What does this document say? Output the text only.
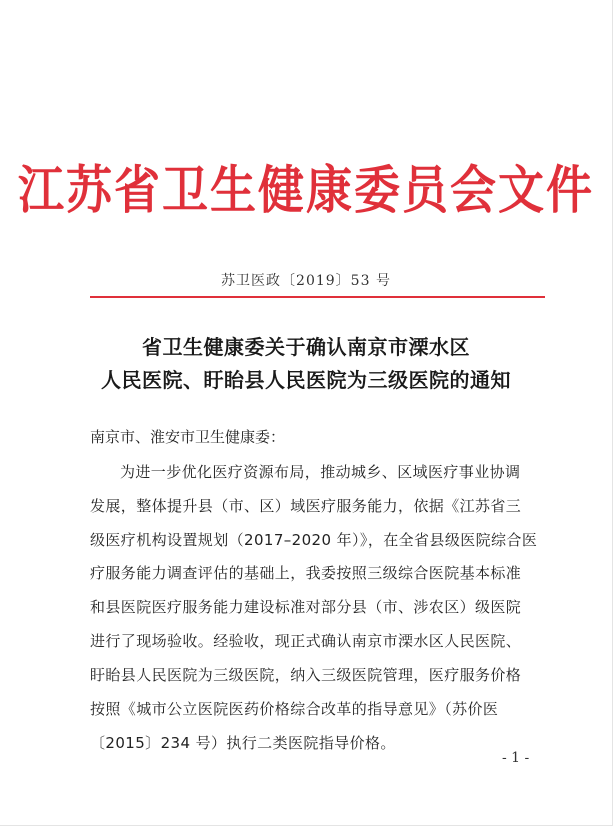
江苏省卫生健康委员会文件
苏卫医政〔2019〕53 号
省卫生健康委关于确认南京市溧水区
人民医院、盱眙县人民医院为三级医院的通知
南京市、淮安市卫生健康委：
为进一步优化医疗资源布局，推动城乡、区域医疗事业协调
发展，整体提升县（市、区）域医疗服务能力，依据《江苏省三
级医疗机构设置规划（2017–2020 年）》，在全省县级医院综合医
疗服务能力调查评估的基础上，我委按照三级综合医院基本标准
和县医院医疗服务能力建设标准对部分县（市、涉农区）级医院
进行了现场验收。经验收，现正式确认南京市溧水区人民医院、
盱眙县人民医院为三级医院，纳入三级医院管理，医疗服务价格
按照《城市公立医院医药价格综合改革的指导意见》（苏价医
〔2015〕234 号）执行二类医院指导价格。
- 1 -
